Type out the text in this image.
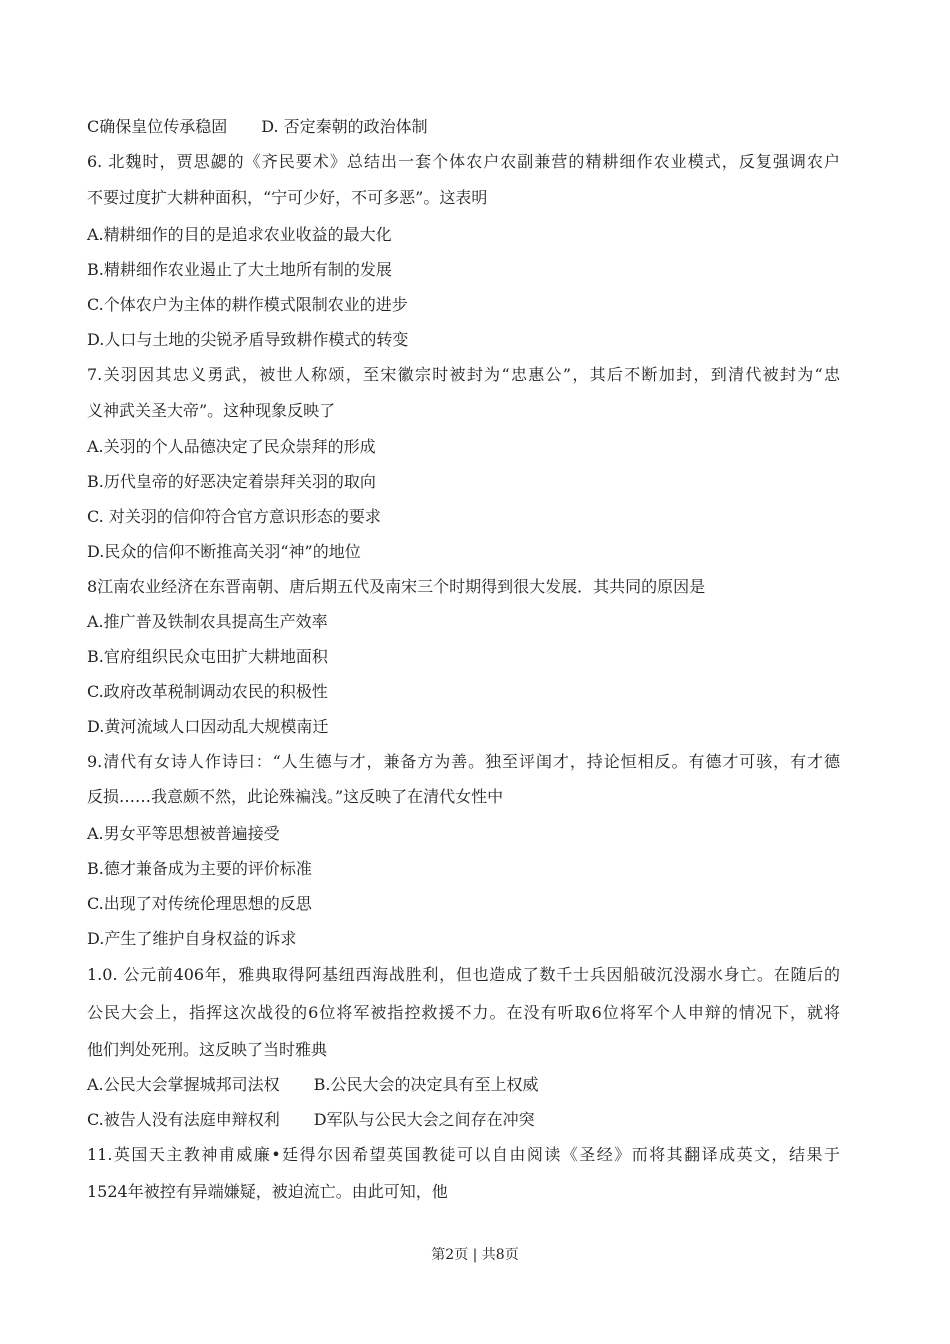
C确保皇位传承稳固 D. 否定秦朝的政治体制
6. 北魏时，贾思勰的《齐民要术》总结出一套个体农户农副兼营的精耕细作农业模式，反复强调农户
不要过度扩大耕种面积，“宁可少好，不可多恶”。这表明
A.精耕细作的目的是追求农业收益的最大化
B.精耕细作农业遏止了大土地所有制的发展
C.个体农户为主体的耕作模式限制农业的进步
D.人口与土地的尖锐矛盾导致耕作模式的转变
7.关羽因其忠义勇武，被世人称颂，至宋徽宗时被封为“忠惠公”，其后不断加封，到清代被封为“忠
义神武关圣大帝”。这种现象反映了
A.关羽的个人品德决定了民众崇拜的形成
B.历代皇帝的好恶决定着崇拜关羽的取向
C. 对关羽的信仰符合官方意识形态的要求
D.民众的信仰不断推高关羽“神”的地位
8江南农业经济在东晋南朝、唐后期五代及南宋三个时期得到很大发展．其共同的原因是
A.推广普及铁制农具提高生产效率
B.官府组织民众屯田扩大耕地面积
C.政府改革税制调动农民的积极性
D.黄河流域人口因动乱大规模南迁
9.清代有女诗人作诗曰：“人生德与才，兼备方为善。独至评闺才，持论恒相反。有德才可骇，有才德
反损……我意颇不然，此论殊褊浅。”这反映了在清代女性中
A.男女平等思想被普遍接受
B.德才兼备成为主要的评价标准
C.出现了对传统伦理思想的反思
D.产生了维护自身权益的诉求
1.0. 公元前406年，雅典取得阿基纽西海战胜利，但也造成了数千士兵因船破沉没溺水身亡。在随后的
公民大会上，指挥这次战役的6位将军被指控救援不力。在没有听取6位将军个人申辩的情况下，就将
他们判处死刑。这反映了当时雅典
A.公民大会掌握城邦司法权 B.公民大会的决定具有至上权威
C.被告人没有法庭申辩权利 D军队与公民大会之间存在冲突
11.英国天主教神甫威廉•廷得尔因希望英国教徒可以自由阅读《圣经》而将其翻译成英文，结果于
1524年被控有异端嫌疑，被迫流亡。由此可知，他
第2页 | 共8页
